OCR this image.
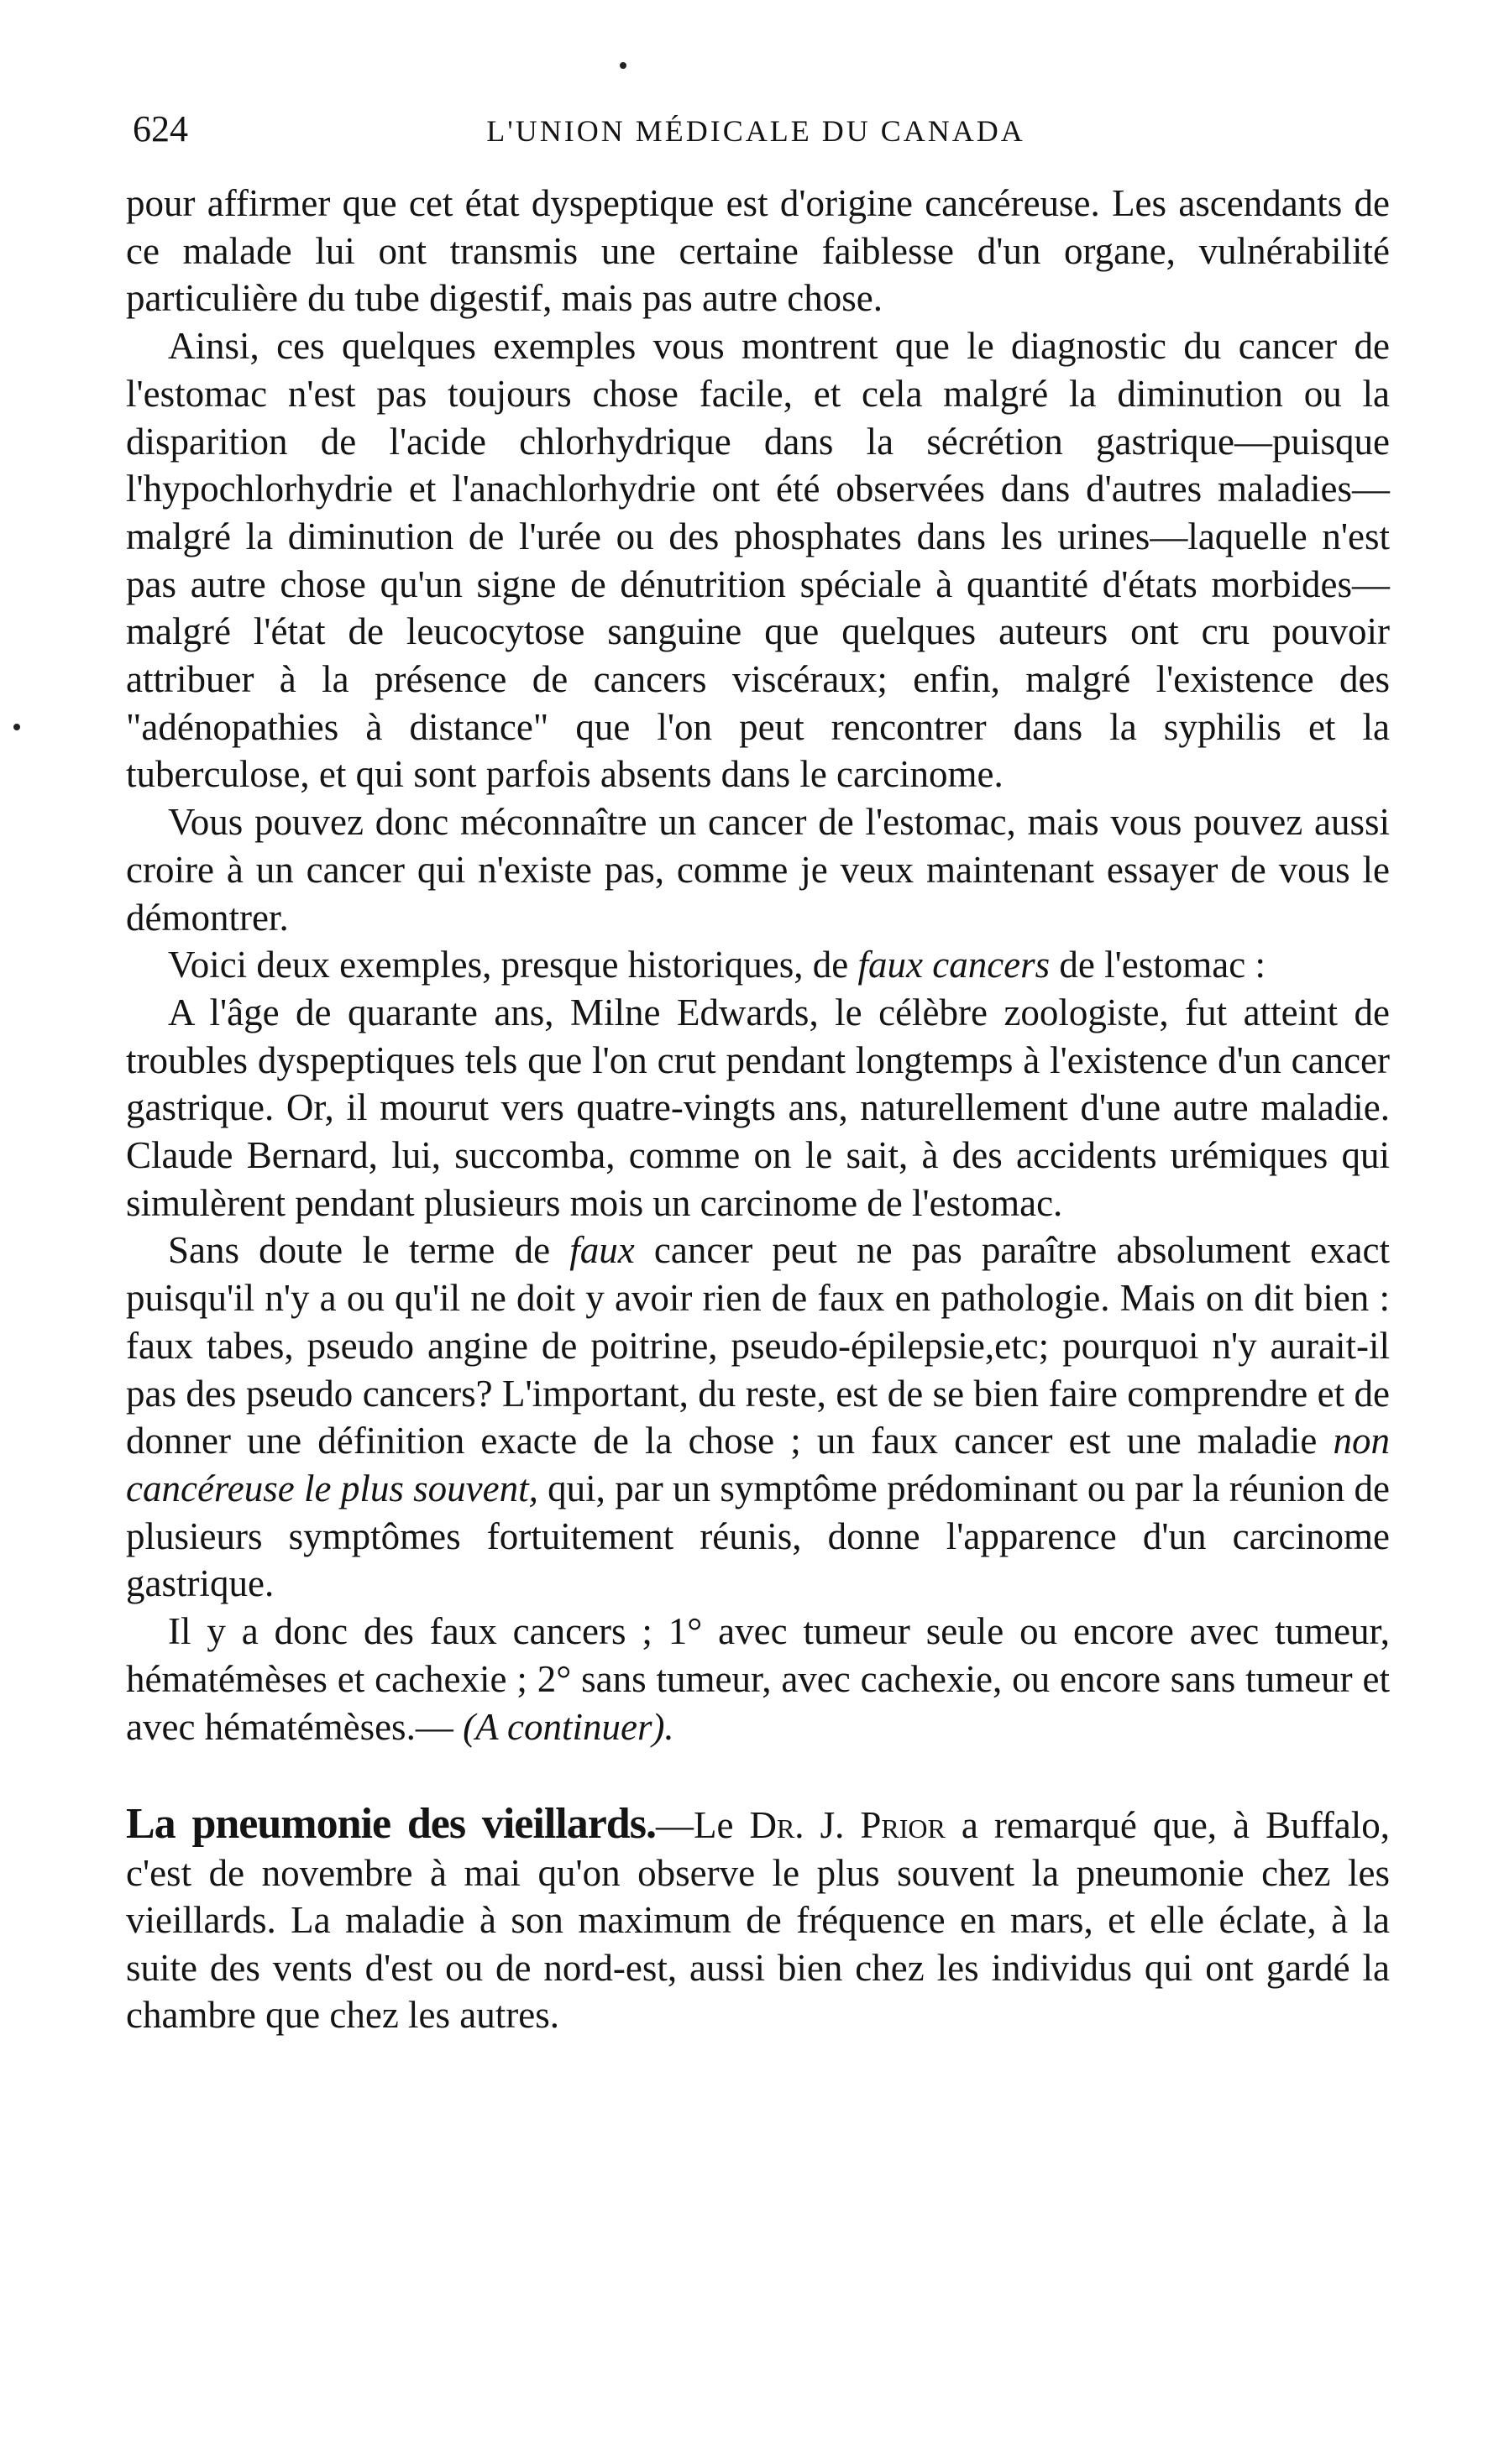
624	L'UNION MÉDICALE DU CANADA

pour affirmer que cet état dyspeptique est d'origine cancéreuse. Les ascendants de ce malade lui ont transmis une certaine faiblesse d'un organe, vulnérabilité particulière du tube digestif, mais pas autre chose.

Ainsi, ces quelques exemples vous montrent que le diagnostic du cancer de l'estomac n'est pas toujours chose facile, et cela malgré la diminution ou la disparition de l'acide chlorhydrique dans la sécrétion gastrique—puisque l'hypochlorhydrie et l'anachlorhydrie ont été observées dans d'autres maladies—malgré la diminution de l'urée ou des phosphates dans les urines—laquelle n'est pas autre chose qu'un signe de dénutrition spéciale à quantité d'états morbides—malgré l'état de leucocytose sanguine que quelques auteurs ont cru pouvoir attribuer à la présence de cancers viscéraux; enfin, malgré l'existence des "adénopathies à distance" que l'on peut rencontrer dans la syphilis et la tuberculose, et qui sont parfois absents dans le carcinome.

Vous pouvez donc méconnaître un cancer de l'estomac, mais vous pouvez aussi croire à un cancer qui n'existe pas, comme je veux maintenant essayer de vous le démontrer.

Voici deux exemples, presque historiques, de faux cancers de l'estomac :

A l'âge de quarante ans, Milne Edwards, le célèbre zoologiste, fut atteint de troubles dyspeptiques tels que l'on crut pendant longtemps à l'existence d'un cancer gastrique. Or, il mourut vers quatre-vingts ans, naturellement d'une autre maladie. Claude Bernard, lui, succomba, comme on le sait, à des accidents urémiques qui simulèrent pendant plusieurs mois un carcinome de l'estomac.

Sans doute le terme de faux cancer peut ne pas paraître absolument exact puisqu'il n'y a ou qu'il ne doit y avoir rien de faux en pathologie. Mais on dit bien : faux tabes, pseudo angine de poitrine, pseudo-épilepsie,etc; pourquoi n'y aurait-il pas des pseudo cancers? L'important, du reste, est de se bien faire comprendre et de donner une définition exacte de la chose ; un faux cancer est une maladie non cancéreuse le plus souvent, qui, par un symptôme prédominant ou par la réunion de plusieurs symptômes fortuitement réunis, donne l'apparence d'un carcinome gastrique.

Il y a donc des faux cancers ; 1° avec tumeur seule ou encore avec tumeur, hématémèses et cachexie ; 2° sans tumeur, avec cachexie, ou encore sans tumeur et avec hématémèses.— (A continuer).

La pneumonie des vieillards.—Le Dr. J. Prior a remarqué que, à Buffalo, c'est de novembre à mai qu'on observe le plus souvent la pneumonie chez les vieillards. La maladie à son maximum de fréquence en mars, et elle éclate, à la suite des vents d'est ou de nord-est, aussi bien chez les individus qui ont gardé la chambre que chez les autres.
